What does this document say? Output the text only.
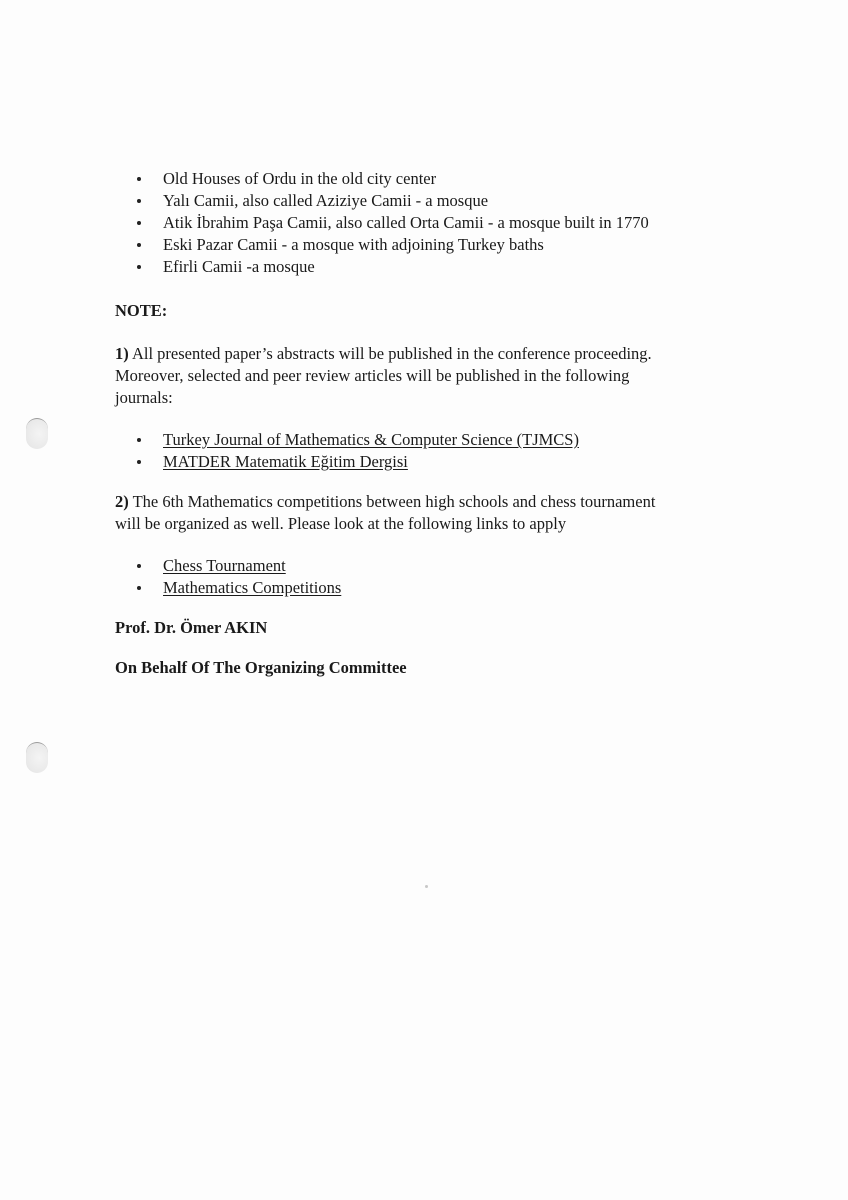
Old Houses of Ordu in the old city center
Yalı Camii, also called Aziziye Camii - a mosque
Atik İbrahim Paşa Camii, also called Orta Camii - a mosque built in 1770
Eski Pazar Camii - a mosque with adjoining Turkey baths
Efirli Camii -a mosque

NOTE:

1) All presented paper’s abstracts will be published in the conference proceeding.
Moreover, selected and peer review articles will be published in the following
journals:

Turkey Journal of Mathematics & Computer Science (TJMCS)
MATDER Matematik Eğitim Dergisi

2) The 6th Mathematics competitions between high schools and chess tournament
will be organized as well. Please look at the following links to apply

Chess Tournament
Mathematics Competitions

Prof. Dr. Ömer AKIN

On Behalf Of The Organizing Committee
